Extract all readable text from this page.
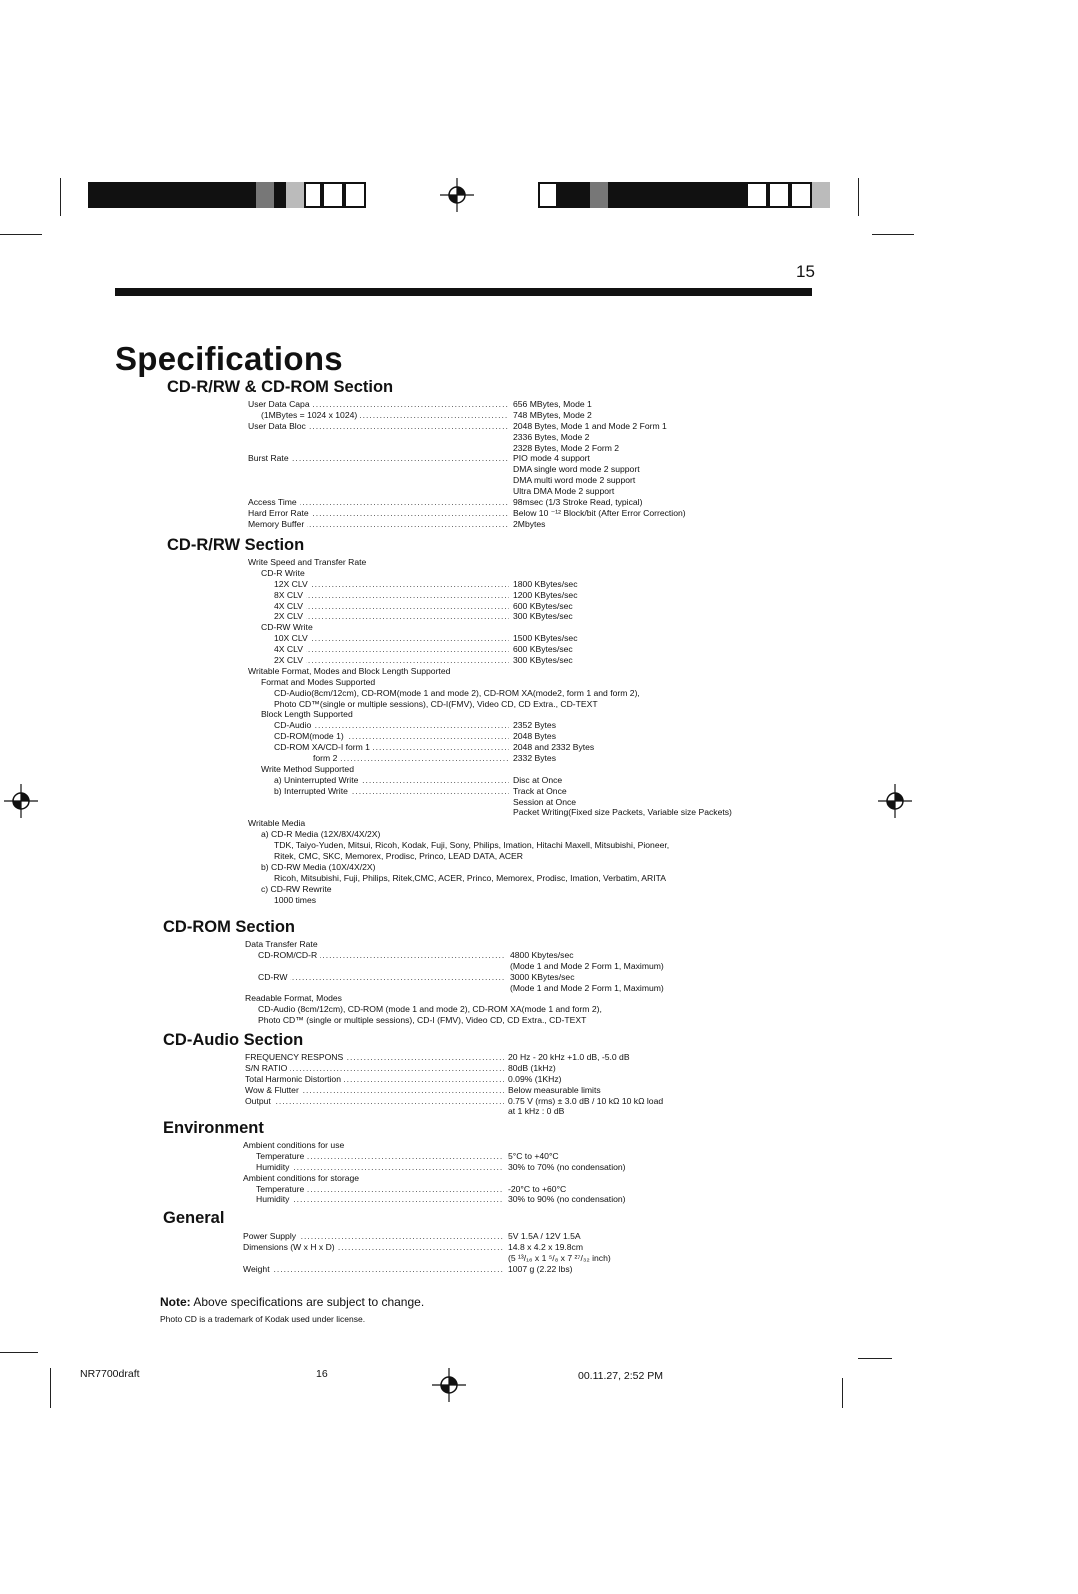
15
Specifications
CD-R/RW & CD-ROM Section
CD-R/RW Section
CD-ROM Section
CD-Audio Section
Environment
General
User Data Capa .....	656 MBytes, Mode 1
(1MBytes = 1024 x 1024) .....	748 MBytes, Mode 2
User Data Bloc .....	2048 Bytes, Mode 1 and Mode 2 Form 1
2336 Bytes, Mode 2
2328 Bytes, Mode 2 Form 2
Burst Rate .....	PIO mode 4 support
DMA single word mode 2 support
DMA multi word mode 2 support
Ultra DMA Mode 2 support
Access Time .....	98msec (1/3 Stroke Read, typical)
Hard Error Rate .....	Below 10 ⁻¹² Block/bit (After Error Correction)
Memory Buffer .....	2Mbytes
Write Speed and Transfer Rate
CD-R Write
12X CLV .....	1800 KBytes/sec
8X CLV .....	1200 KBytes/sec
4X CLV .....	600 KBytes/sec
2X CLV .....	300 KBytes/sec
CD-RW Write
10X CLV .....	1500 KBytes/sec
4X CLV .....	600 KBytes/sec
2X CLV .....	300 KBytes/sec
Writable Format, Modes and Block Length Supported
Format and Modes Supported
CD-Audio(8cm/12cm), CD-ROM(mode 1 and mode 2), CD-ROM XA(mode2, form 1 and form 2),
Photo CD™(single or multiple sessions), CD-I(FMV), Video CD, CD Extra., CD-TEXT
Block Length Supported
CD-Audio .....	2352 Bytes
CD-ROM(mode 1) .....	2048 Bytes
CD-ROM XA/CD-I form 1 .....	2048 and 2332 Bytes
form 2 .....	2332 Bytes
Write Method Supported
a) Uninterrupted Write .....	Disc at Once
b) Interrupted Write .....	Track at Once
Session at Once
Packet Writing(Fixed size Packets, Variable size Packets)
Writable Media
a) CD-R Media (12X/8X/4X/2X)
TDK, Taiyo-Yuden, Mitsui, Ricoh, Kodak, Fuji, Sony, Philips, Imation, Hitachi Maxell, Mitsubishi, Pioneer,
Ritek, CMC, SKC, Memorex, Prodisc, Princo, LEAD DATA, ACER
b) CD-RW Media (10X/4X/2X)
Ricoh, Mitsubishi, Fuji, Philips, Ritek,CMC, ACER, Princo, Memorex, Prodisc, Imation, Verbatim, ARITA
c) CD-RW Rewrite
1000 times
Data Transfer Rate
CD-ROM/CD-R .....	4800 Kbytes/sec
(Mode 1 and Mode 2 Form 1, Maximum)
CD-RW .....	3000 KBytes/sec
(Mode 1 and Mode 2 Form 1, Maximum)
Readable Format, Modes
CD-Audio (8cm/12cm), CD-ROM (mode 1 and mode 2), CD-ROM XA(mode 1 and form 2),
Photo CD™ (single or multiple sessions), CD-I (FMV), Video CD, CD Extra., CD-TEXT
FREQUENCY RESPONS .....	20 Hz - 20 kHz +1.0 dB, -5.0 dB
S/N RATIO .....	80dB (1kHz)
Total Harmonic Distortion .....	0.09% (1KHz)
Wow & Flutter .....	Below measurable limits
Output .....	0.75 V (rms) ± 3.0 dB / 10 kΩ 10 kΩ load
at 1 kHz : 0 dB
Ambient conditions for use
Temperature .....	5°C to +40°C
Humidity .....	30% to 70% (no condensation)
Ambient conditions for storage
Temperature .....	-20°C to +60°C
Humidity .....	30% to 90% (no condensation)
Power Supply .....	5V 1.5A / 12V 1.5A
Dimensions (W x H x D) .....	14.8 x 4.2 x 19.8cm
(5 ¹³/₁₆ x 1 ⁵/₈ x 7 ²⁷/₃₂ inch)
Weight .....	1007 g (2.22 lbs)
Note: Above specifications are subject to change.
Photo CD is a trademark of Kodak used under license.
NR7700draft	16	00.11.27, 2:52 PM
